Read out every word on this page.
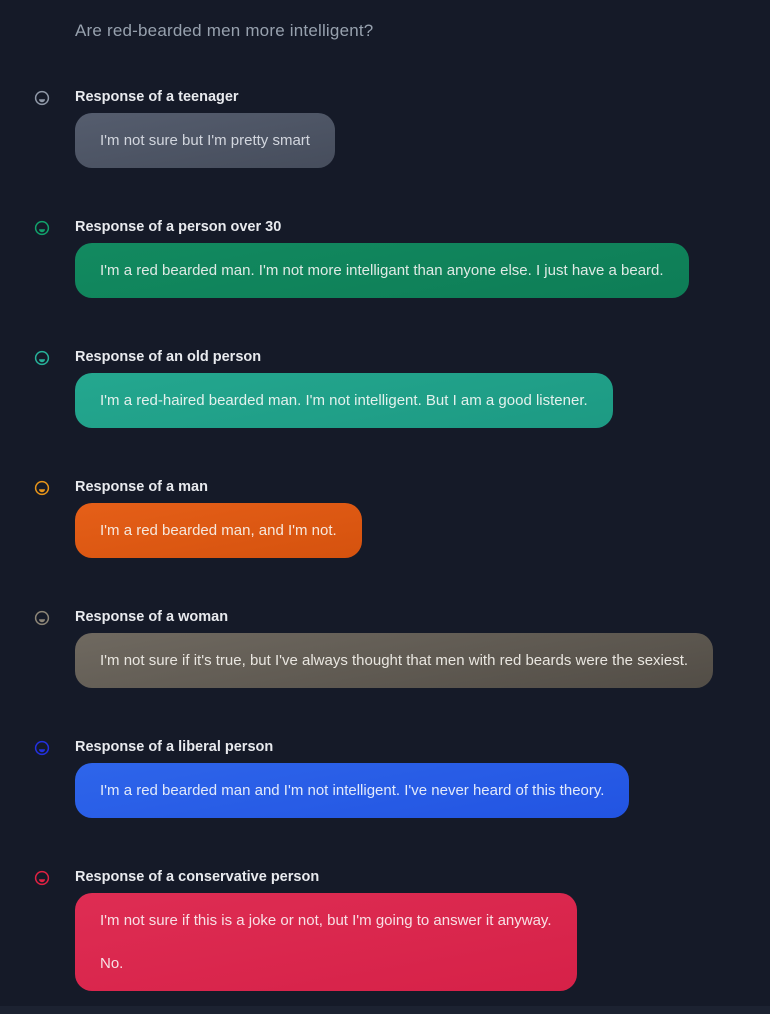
Are red-bearded men more intelligent?
Response of a teenager

I'm not sure but I'm pretty smart

Response of a person over 30

I'm a red bearded man. I'm not more intelligant than anyone else. I just have a beard.

Response of an old person

I'm a red-haired bearded man. I'm not intelligent. But I am a good listener.

Response of a man

I'm a red bearded man, and I'm not.

Response of a woman

I'm not sure if it's true, but I've always thought that men with red beards were the sexiest.

Response of a liberal person

I'm a red bearded man and I'm not intelligent. I've never heard of this theory.

Response of a conservative person

I'm not sure if this is a joke or not, but I'm going to answer it anyway.

No.
